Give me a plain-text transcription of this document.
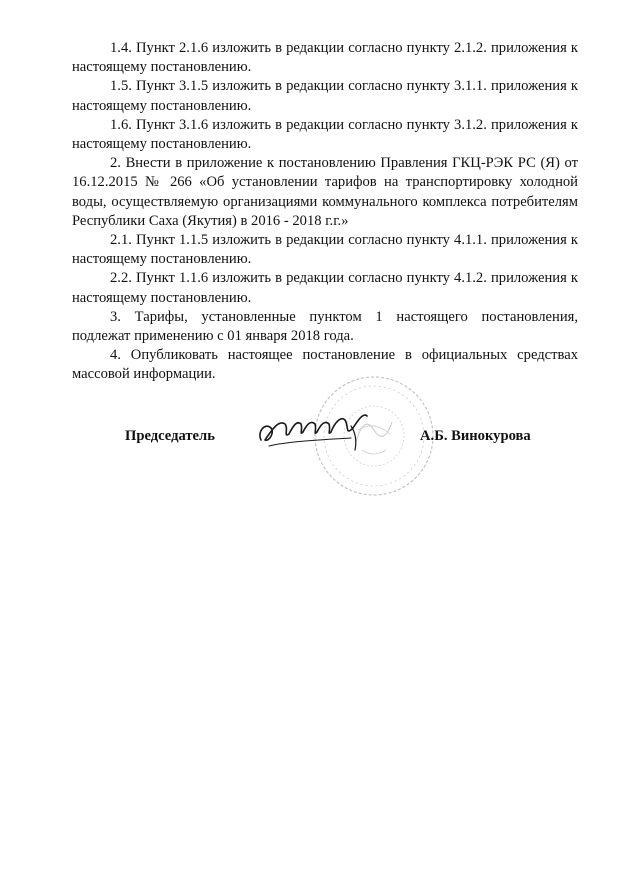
1.4. Пункт 2.1.6 изложить в редакции согласно пункту 2.1.2. приложения к настоящему постановлению.

1.5. Пункт 3.1.5 изложить в редакции согласно пункту 3.1.1. приложения к настоящему постановлению.

1.6. Пункт 3.1.6 изложить в редакции согласно пункту 3.1.2. приложения к настоящему постановлению.

2. Внести в приложение к постановлению Правления ГКЦ-РЭК РС (Я) от 16.12.2015 № 266 «Об установлении тарифов на транспортировку холодной воды, осуществляемую организациями коммунального комплекса потребителям Республики Саха (Якутия) в 2016 - 2018 г.г.»

2.1. Пункт 1.1.5 изложить в редакции согласно пункту 4.1.1. приложения к настоящему постановлению.

2.2. Пункт 1.1.6 изложить в редакции согласно пункту 4.1.2. приложения к настоящему постановлению.

3. Тарифы, установленные пунктом 1 настоящего постановления, подлежат применению с 01 января 2018 года.

4. Опубликовать настоящее постановление в официальных средствах массовой информации.

Председатель	А.Б. Винокурова
